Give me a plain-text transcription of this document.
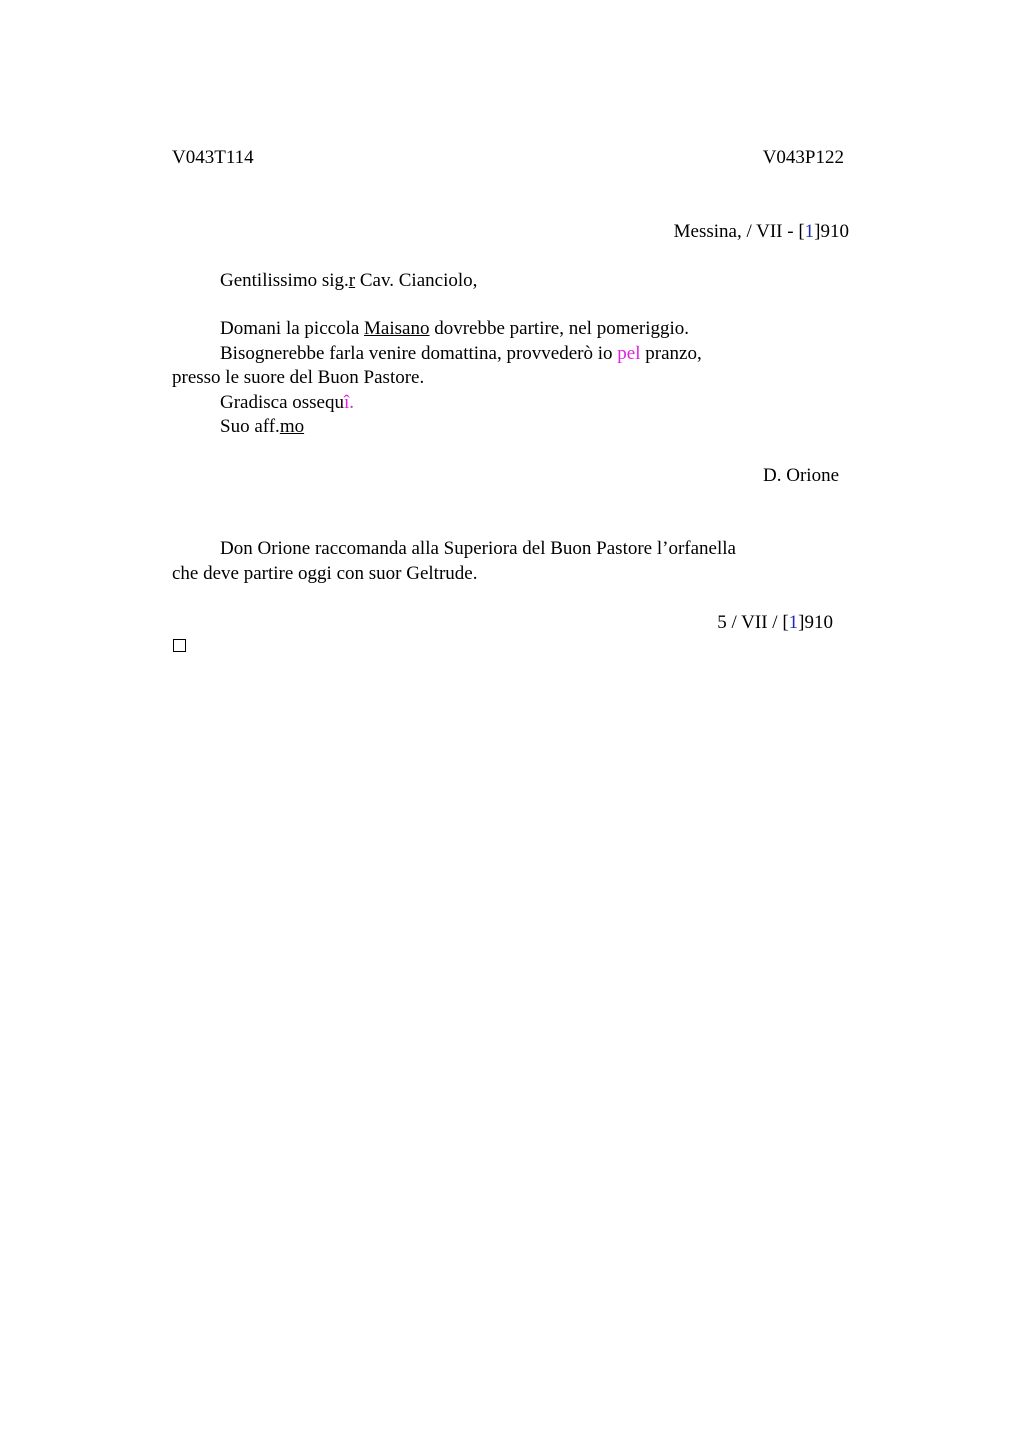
V043T114	V043P122
Messina, / VII - [1]910
Gentilissimo sig.r Cav. Cianciolo,
Domani la piccola Maisano dovrebbe partire, nel pomeriggio.
Bisognerebbe farla venire domattina, provvederò io pel pranzo,
presso le suore del Buon Pastore.
Gradisca ossequî.
Suo aff.mo
D. Orione
Don Orione raccomanda alla Superiora del Buon Pastore l’orfanella
che deve partire oggi con suor Geltrude.
5 / VII / [1]910
